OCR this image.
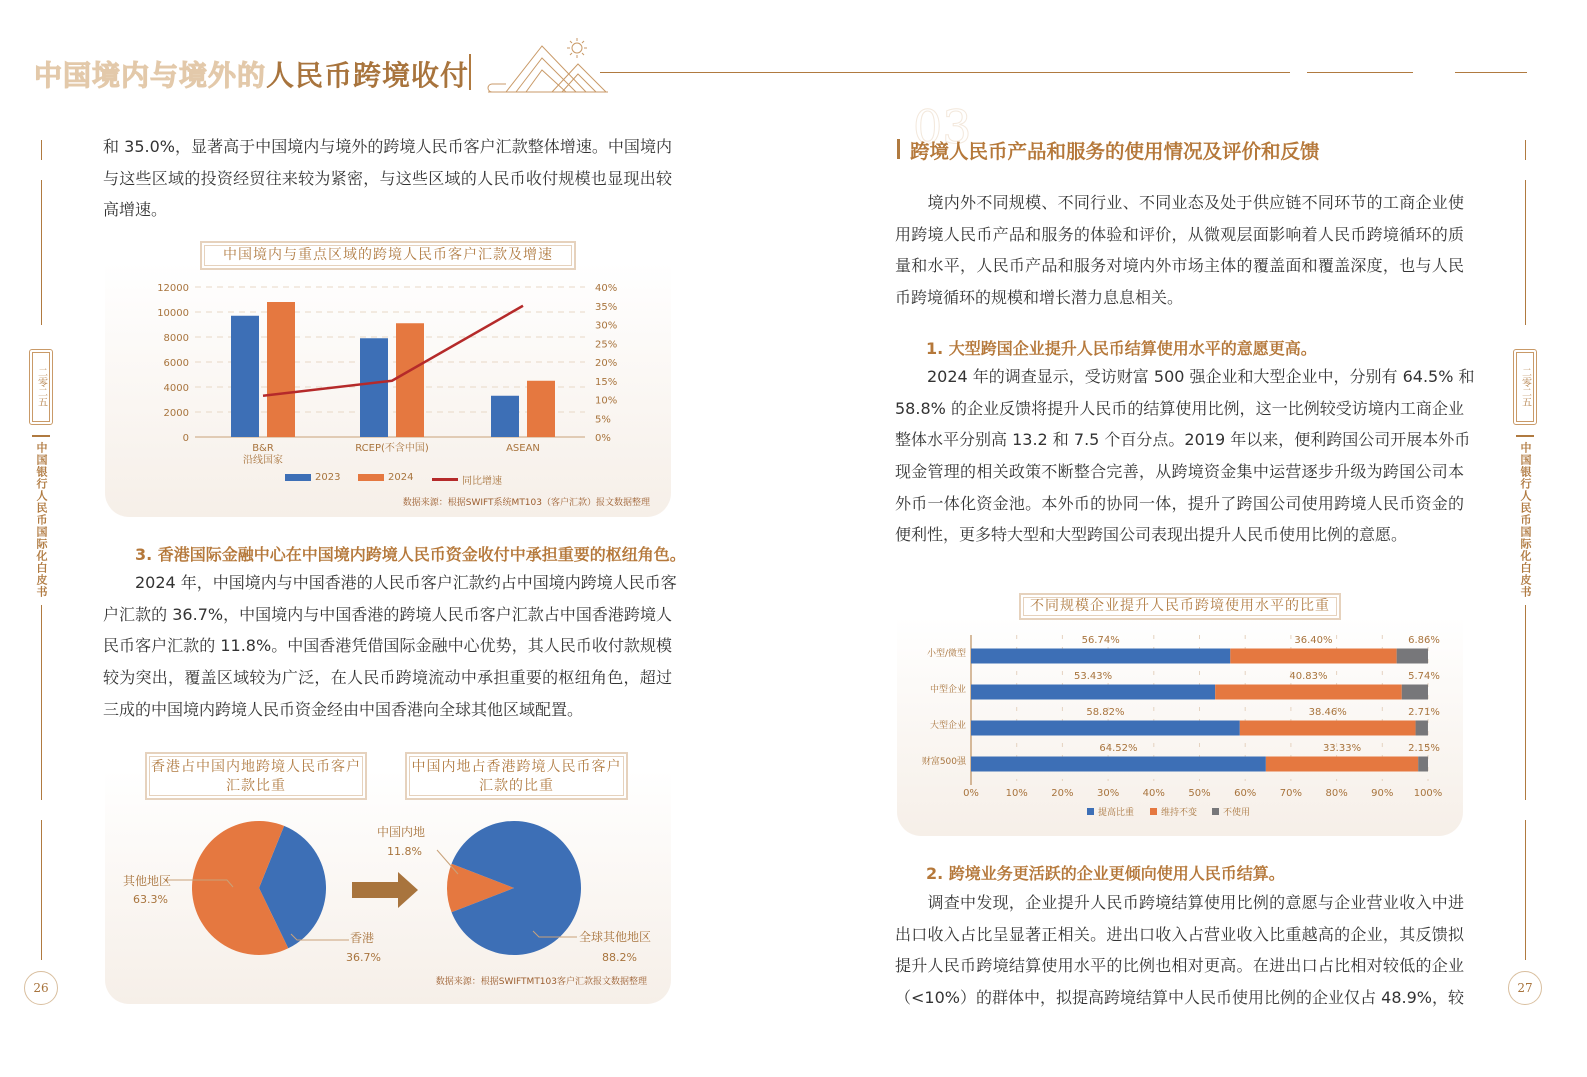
中国境内与境外的人民币跨境收付
二零二五
中国银行人民币国际化白皮书
26
二零二五
中国银行人民币国际化白皮书
27
和 35.0%，显著高于中国境内与境外的跨境人民币客户汇款整体增速。中国境内
与这些区域的投资经贸往来较为紧密，与这些区域的人民币收付规模也显现出较
高增速。
中国境内与重点区域的跨境人民币客户汇款及增速
0
2000
4000
6000
8000
10000
12000
0%
5%
10%
15%
20%
25%
30%
35%
40%
B&R
沿线国家
RCEP(不含中国)	ASEAN
2023	2024	同比增速
数据来源：根据SWIFT系统MT103（客户汇款）报文数据整理
3. 香港国际金融中心在中国境内跨境人民币资金收付中承担重要的枢纽角色。
　　2024 年，中国境内与中国香港的人民币客户汇款约占中国境内跨境人民币客
户汇款的 36.7%，中国境内与中国香港的跨境人民币客户汇款占中国香港跨境人
民币客户汇款的 11.8%。中国香港凭借国际金融中心优势，其人民币收付款规模
较为突出，覆盖区域较为广泛，在人民币跨境流动中承担重要的枢纽角色，超过
三成的中国境内跨境人民币资金经由中国香港向全球其他区域配置。
香港占中国内地跨境人民币客户汇款比重
中国内地占香港跨境人民币客户汇款的比重
其他地区
63.3%
香港
36.7%
中国内地
11.8%
全球其他地区
88.2%
数据来源：根据SWIFTMT103客户汇款报文数据整理
03
跨境人民币产品和服务的使用情况及评价和反馈
　　境内外不同规模、不同行业、不同业态及处于供应链不同环节的工商企业使
用跨境人民币产品和服务的体验和评价，从微观层面影响着人民币跨境循环的质
量和水平，人民币产品和服务对境内外市场主体的覆盖面和覆盖深度，也与人民
币跨境循环的规模和增长潜力息息相关。
1. 大型跨国企业提升人民币结算使用水平的意愿更高。
　　2024 年的调查显示，受访财富 500 强企业和大型企业中，分别有 64.5% 和
58.8% 的企业反馈将提升人民币的结算使用比例，这一比例较受访境内工商企业
整体水平分别高 13.2 和 7.5 个百分点。2019 年以来，便利跨国公司开展本外币
现金管理的相关政策不断整合完善，从跨境资金集中运营逐步升级为跨国公司本
外币一体化资金池。本外币的协同一体，提升了跨国公司使用跨境人民币资金的
便利性，更多特大型和大型跨国公司表现出提升人民币使用比例的意愿。
不同规模企业提升人民币跨境使用水平的比重
0%	10% 20% 30% 40% 50% 60% 70% 80% 90% 100%
小型/微型
56.74%	36.40%	6.86%
中型企业
53.43%	40.83%	5.74%
大型企业
58.82%	38.46%	2.71%
财富500强
64.52%	33.33%	2.15%
提高比重	维持不变	不使用
2. 跨境业务更活跃的企业更倾向使用人民币结算。
　　调查中发现，企业提升人民币跨境结算使用比例的意愿与企业营业收入中进
出口收入占比呈显著正相关。进出口收入占营业收入比重越高的企业，其反馈拟
提升人民币跨境结算使用水平的比例也相对更高。在进出口占比相对较低的企业
（<10%）的群体中，拟提高跨境结算中人民币使用比例的企业仅占 48.9%，较
